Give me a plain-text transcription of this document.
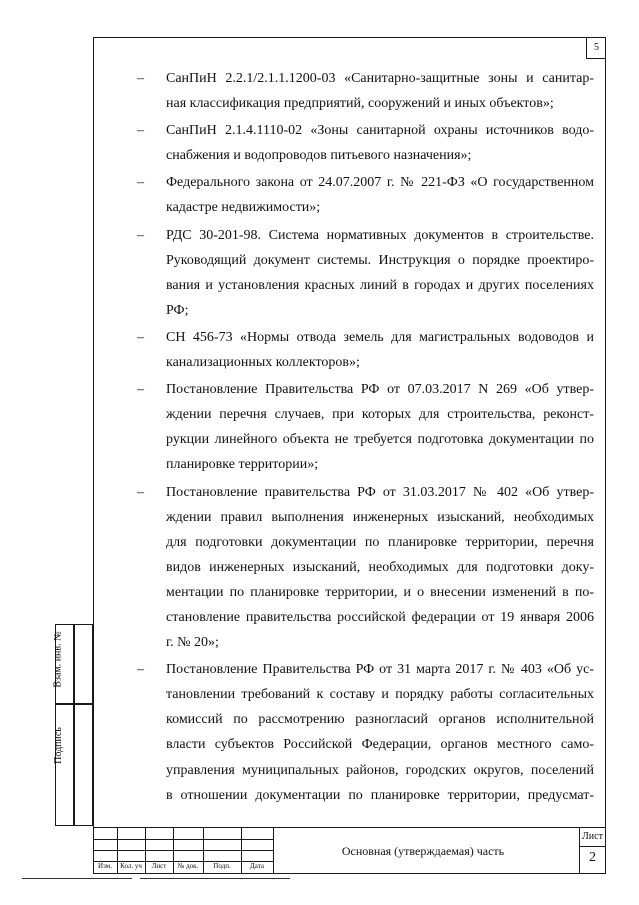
5
– СанПиН 2.2.1/2.1.1.1200-03 «Санитарно-защитные зоны и санитар-
ная классификация предприятий, сооружений и иных объектов»;
– СанПиН 2.1.4.1110-02 «Зоны санитарной охраны источников водо-
снабжения и водопроводов питьевого назначения»;
– Федерального закона от 24.07.2007 г. № 221-ФЗ «О государственном
кадастре недвижимости»;
– РДС 30-201-98. Система нормативных документов в строительстве.
Руководящий документ системы. Инструкция о порядке проектиро-
вания и установления красных линий в городах и других поселениях
РФ;
– СН 456-73 «Нормы отвода земель для магистральных водоводов и
канализационных коллекторов»;
– Постановление Правительства РФ от 07.03.2017 N 269 «Об утвер-
ждении перечня случаев, при которых для строительства, реконст-
рукции линейного объекта не требуется подготовка документации по
планировке территории»;
– Постановление правительства РФ от 31.03.2017 № 402 «Об утвер-
ждении правил выполнения инженерных изысканий, необходимых
для подготовки документации по планировке территории, перечня
видов инженерных изысканий, необходимых для подготовки доку-
ментации по планировке территории, и о внесении изменений в по-
становление правительства российской федерации от 19 января 2006
г. № 20»;
– Постановление Правительства РФ от 31 марта 2017 г. № 403 «Об ус-
тановлении требований к составу и порядку работы согласительных
комиссий по рассмотрению разногласий органов исполнительной
власти субъектов Российской Федерации, органов местного само-
управления муниципальных районов, городских округов, поселений
в отношении документации по планировке территории, предусмат-
Взам. инв. №
Подпись
Изм.	Кол. уч	Лист	№ док.	Подп.	Дата
Основная (утверждаемая) часть
Лист
2
